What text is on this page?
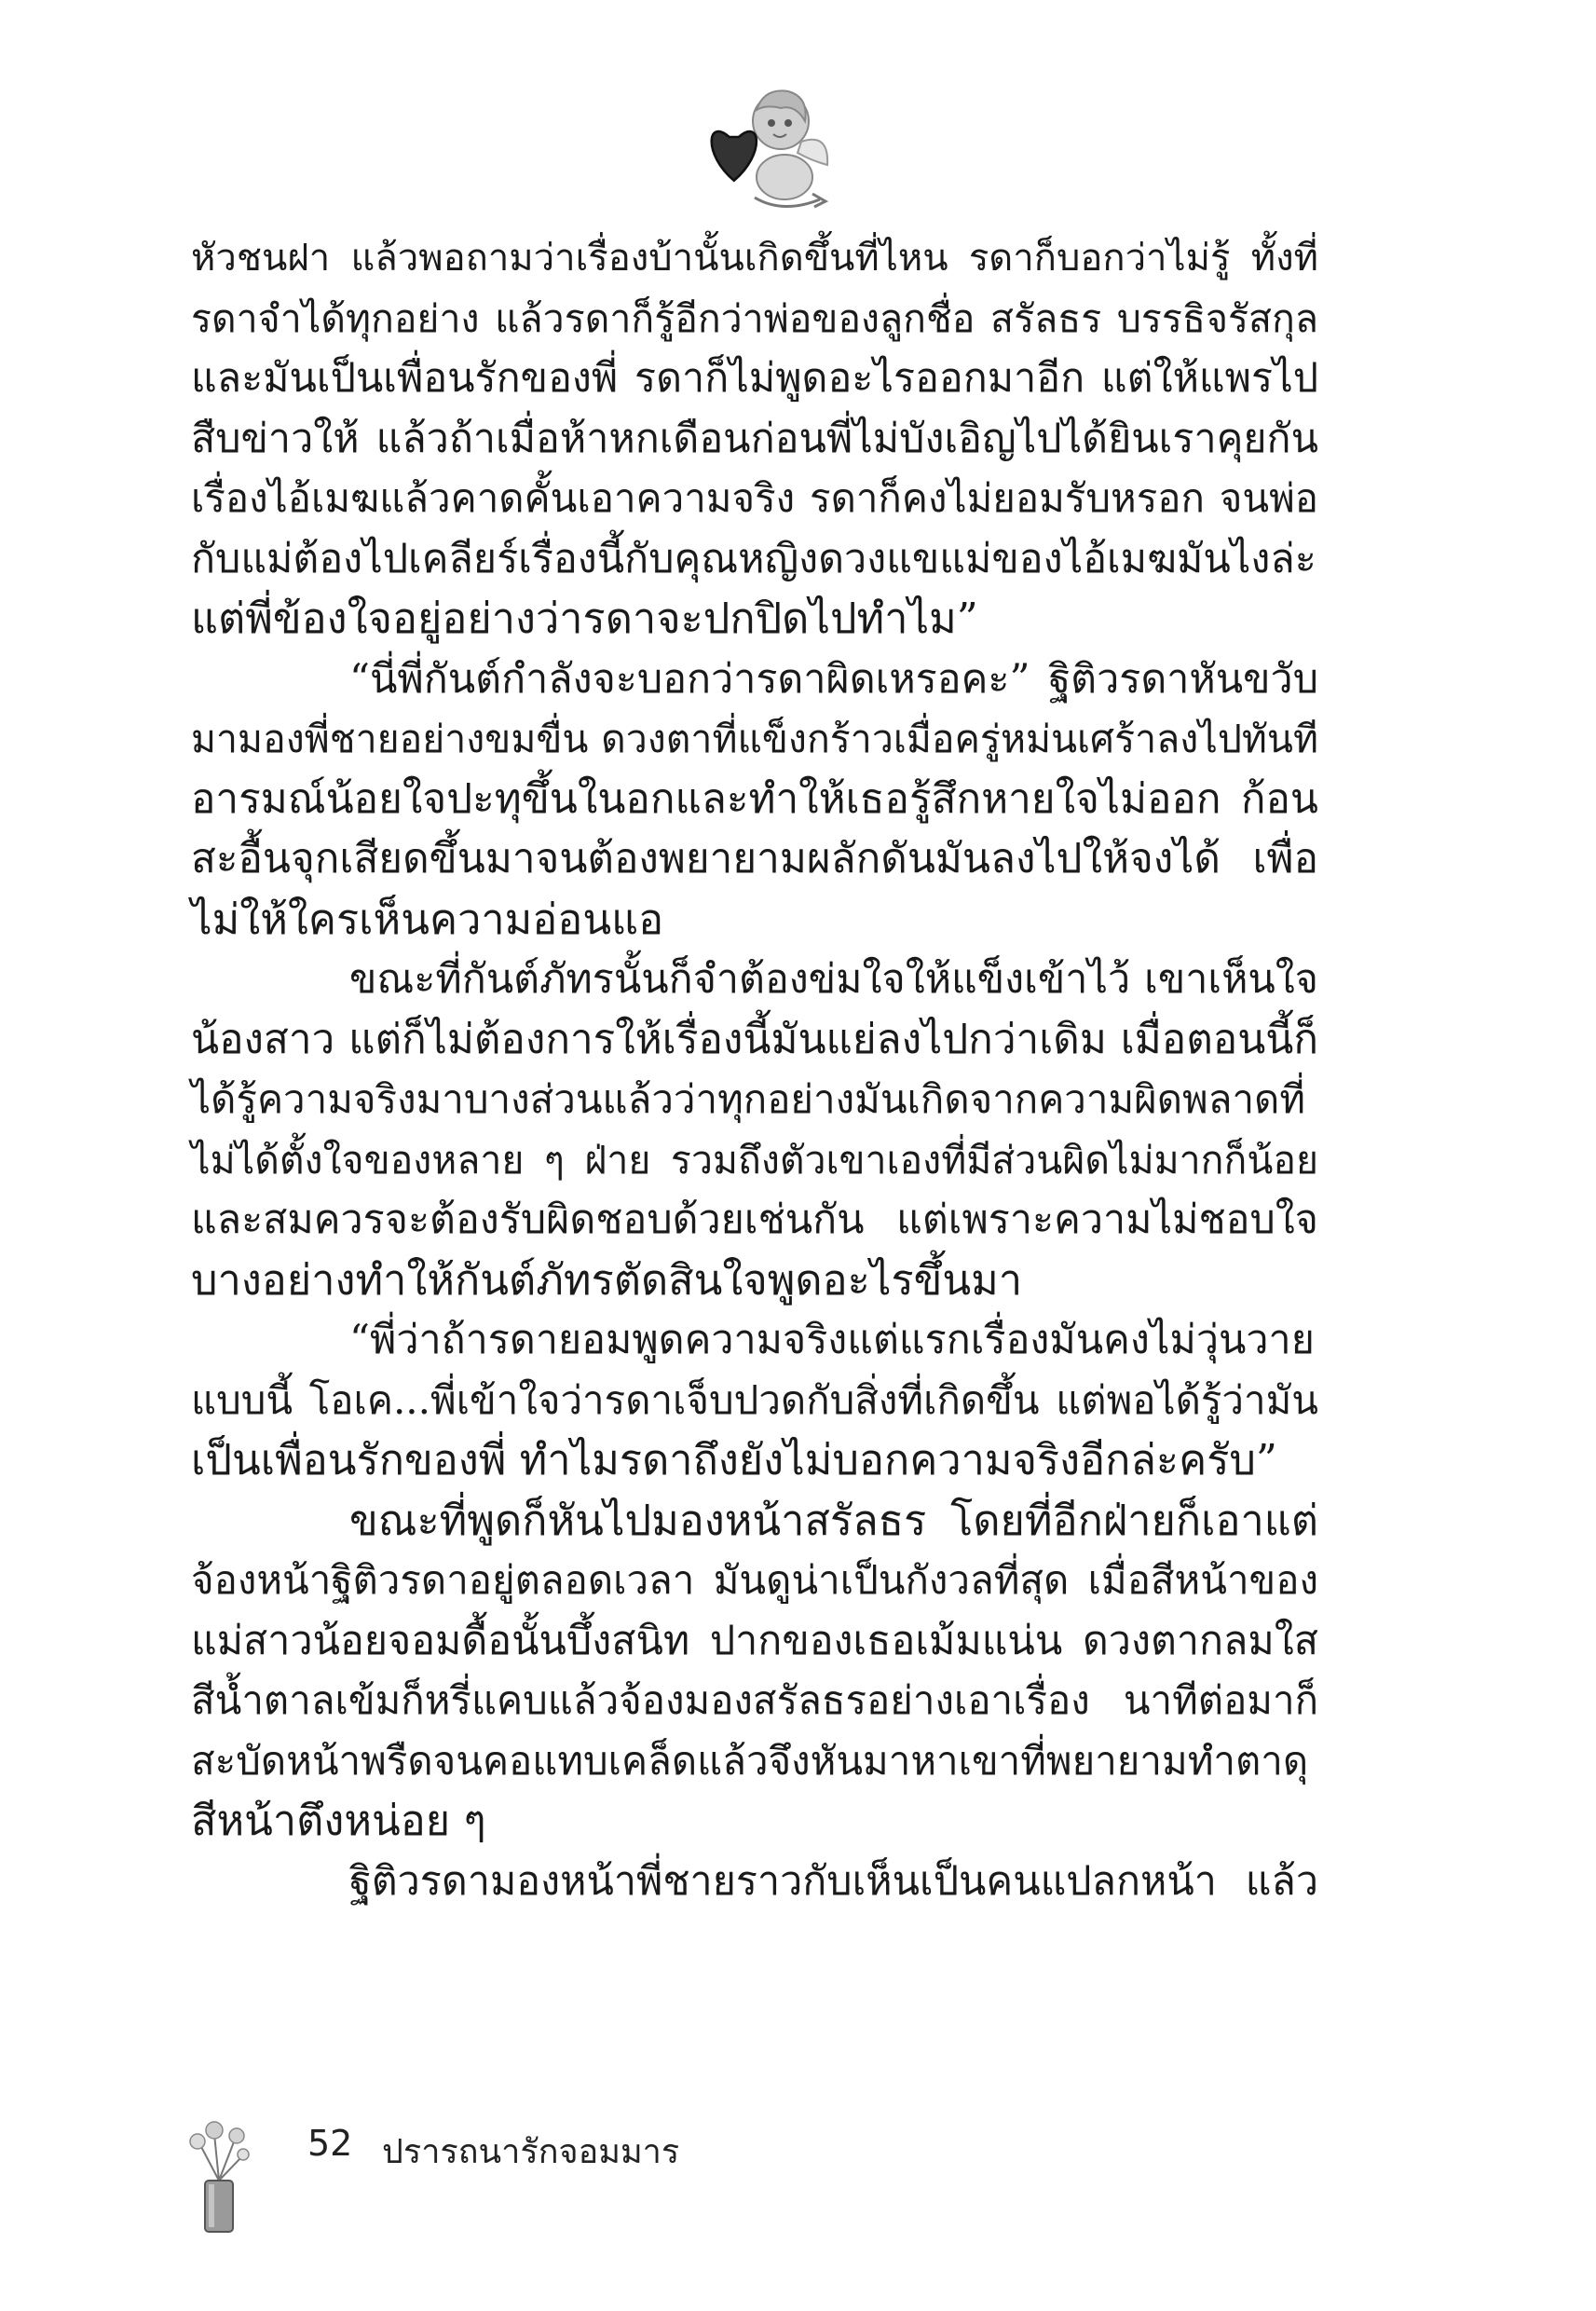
หัวชนฝา แล้วพอถามว่าเรื่องบ้านั้นเกิดขึ้นที่ไหน รดาก็บอกว่าไม่รู้ ทั้งที่
รดาจำได้ทุกอย่าง แล้วรดาก็รู้อีกว่าพ่อของลูกชื่อ สรัลธร บรรธิจรัสกุล
และมันเป็นเพื่อนรักของพี่ รดาก็ไม่พูดอะไรออกมาอีก แต่ให้แพรไป
สืบข่าวให้ แล้วถ้าเมื่อห้าหกเดือนก่อนพี่ไม่บังเอิญไปได้ยินเราคุยกัน
เรื่องไอ้เมฆแล้วคาดคั้นเอาความจริง รดาก็คงไม่ยอมรับหรอก จนพ่อ
กับแม่ต้องไปเคลียร์เรื่องนี้กับคุณหญิงดวงแขแม่ของไอ้เมฆมันไงล่ะ
แต่พี่ข้องใจอยู่อย่างว่ารดาจะปกปิดไปทำไม”
“นี่พี่กันต์กำลังจะบอกว่ารดาผิดเหรอคะ” ฐิติวรดาหันขวับ
มามองพี่ชายอย่างขมขื่น ดวงตาที่แข็งกร้าวเมื่อครู่หม่นเศร้าลงไปทันที
อารมณ์น้อยใจปะทุขึ้นในอกและทำให้เธอรู้สึกหายใจไม่ออก ก้อน
สะอื้นจุกเสียดขึ้นมาจนต้องพยายามผลักดันมันลงไปให้จงได้ เพื่อ
ไม่ให้ใครเห็นความอ่อนแอ
ขณะที่กันต์ภัทรนั้นก็จำต้องข่มใจให้แข็งเข้าไว้ เขาเห็นใจ
น้องสาว แต่ก็ไม่ต้องการให้เรื่องนี้มันแย่ลงไปกว่าเดิม เมื่อตอนนี้ก็
ได้รู้ความจริงมาบางส่วนแล้วว่าทุกอย่างมันเกิดจากความผิดพลาดที่
ไม่ได้ตั้งใจของหลาย ๆ ฝ่าย รวมถึงตัวเขาเองที่มีส่วนผิดไม่มากก็น้อย
และสมควรจะต้องรับผิดชอบด้วยเช่นกัน แต่เพราะความไม่ชอบใจ
บางอย่างทำให้กันต์ภัทรตัดสินใจพูดอะไรขึ้นมา
“พี่ว่าถ้ารดายอมพูดความจริงแต่แรกเรื่องมันคงไม่วุ่นวาย
แบบนี้ โอเค...พี่เข้าใจว่ารดาเจ็บปวดกับสิ่งที่เกิดขึ้น แต่พอได้รู้ว่ามัน
เป็นเพื่อนรักของพี่ ทำไมรดาถึงยังไม่บอกความจริงอีกล่ะครับ”
ขณะที่พูดก็หันไปมองหน้าสรัลธร โดยที่อีกฝ่ายก็เอาแต่
จ้องหน้าฐิติวรดาอยู่ตลอดเวลา มันดูน่าเป็นกังวลที่สุด เมื่อสีหน้าของ
แม่สาวน้อยจอมดื้อนั้นบึ้งสนิท ปากของเธอเม้มแน่น ดวงตากลมใส
สีน้ำตาลเข้มก็หรี่แคบแล้วจ้องมองสรัลธรอย่างเอาเรื่อง นาทีต่อมาก็
สะบัดหน้าพรืดจนคอแทบเคล็ดแล้วจึงหันมาหาเขาที่พยายามทำตาดุ
สีหน้าตึงหน่อย ๆ
ฐิติวรดามองหน้าพี่ชายราวกับเห็นเป็นคนแปลกหน้า แล้ว
52 ปรารถนารักจอมมาร
